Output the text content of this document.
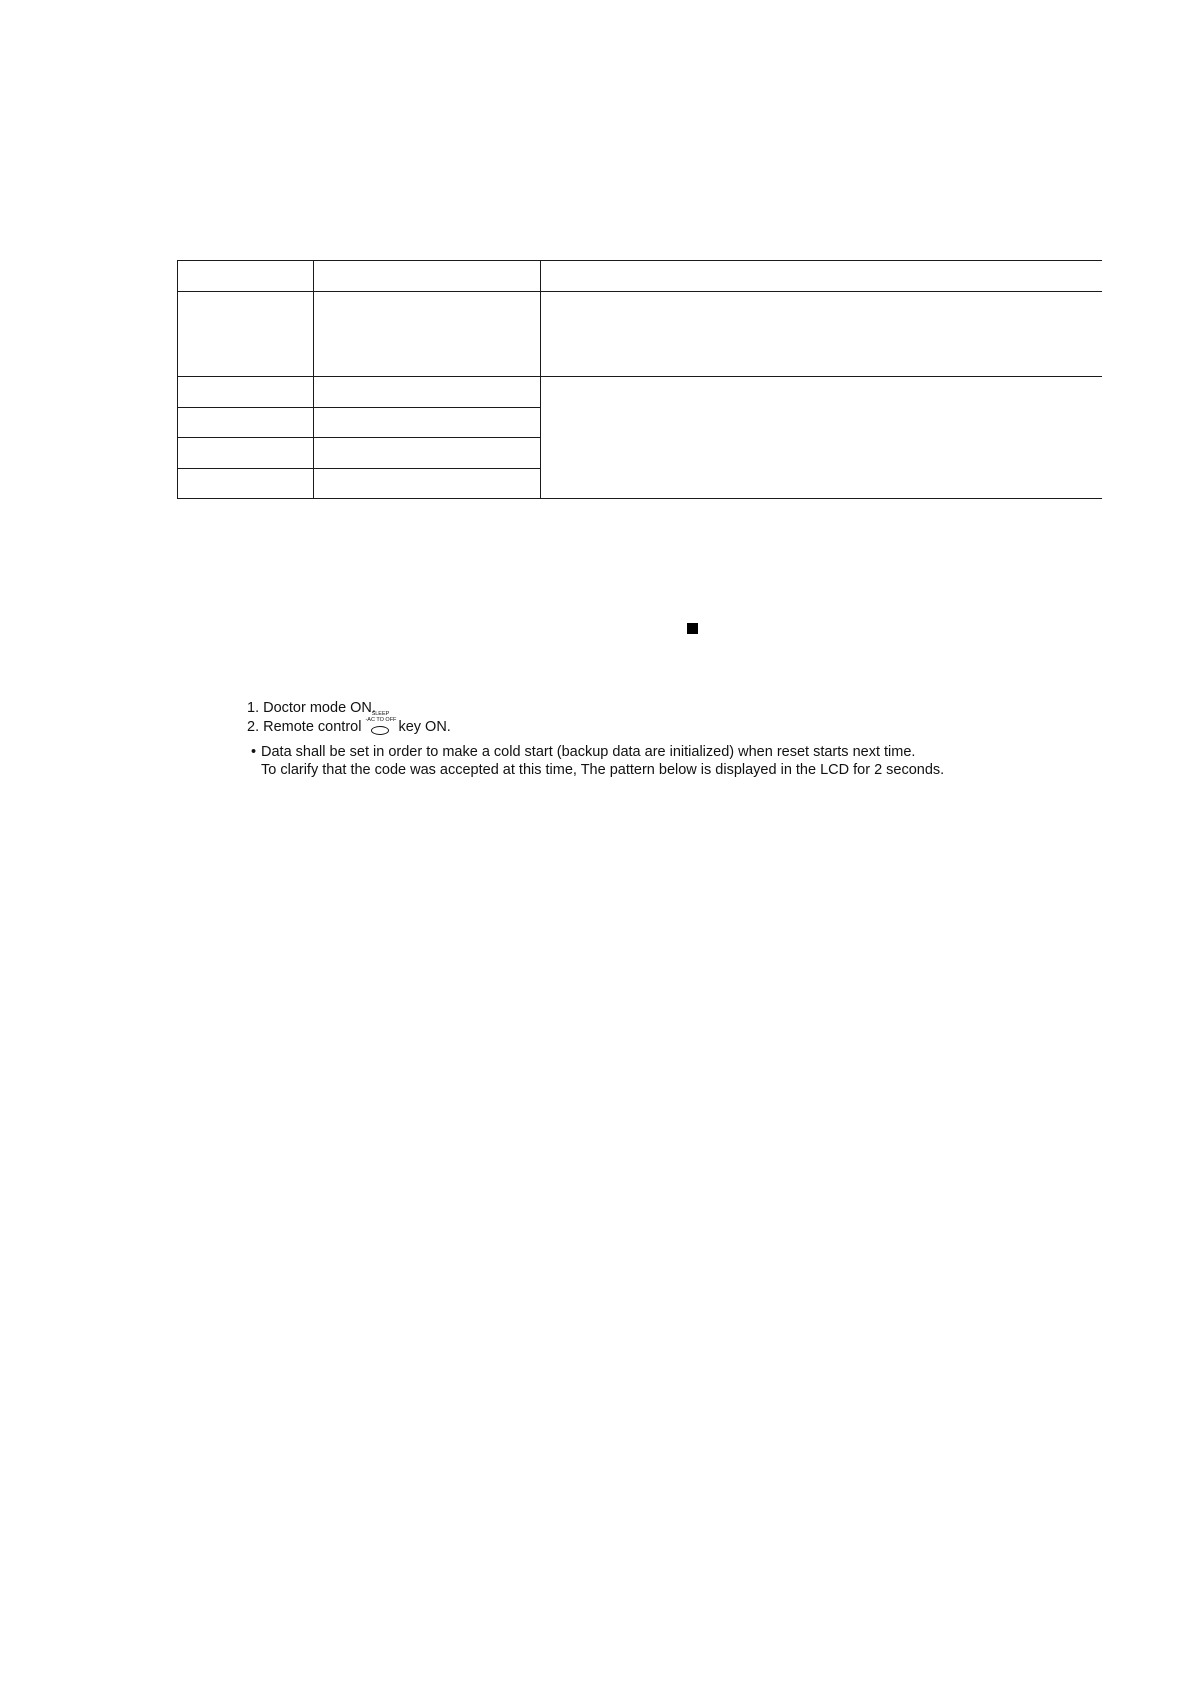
1. Doctor mode ON.
2. Remote control
SLEEP
-AC TO OFF key ON.
• Data shall be set in order to make a cold start (backup data are initialized) when reset starts next time.
To clarify that the code was accepted at this time, The pattern below is displayed in the LCD for 2 seconds.
